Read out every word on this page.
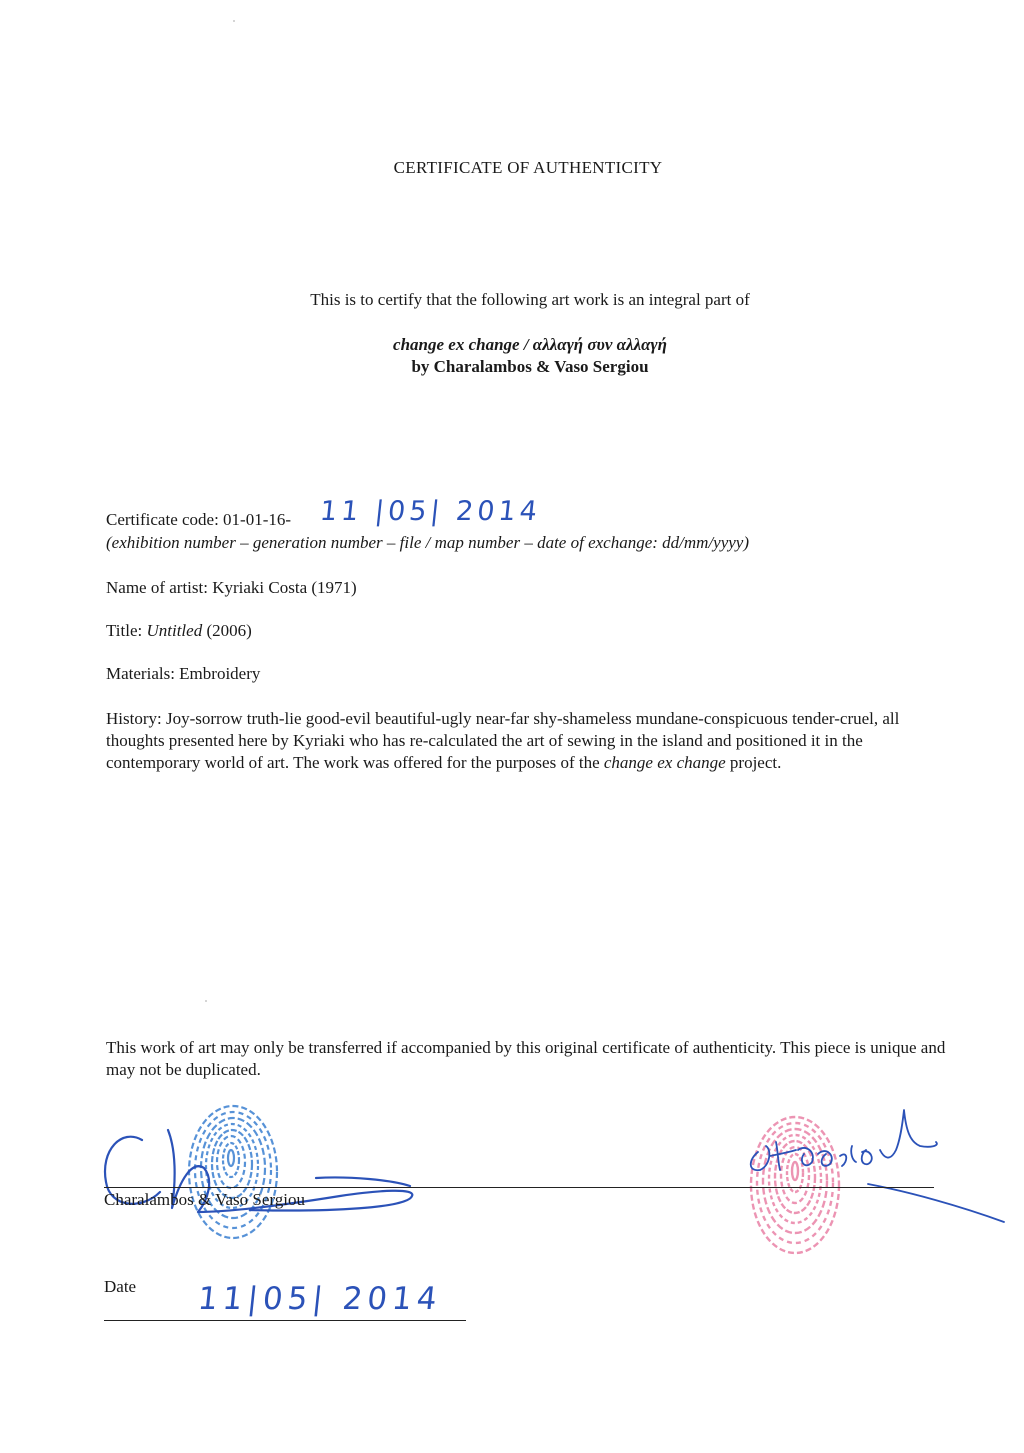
CERTIFICATE OF AUTHENTICITY
This is to certify that the following art work is an integral part of
change ex change / αλλαγή συν αλλαγή
by Charalambos & Vaso Sergiou
Certificate code: 01-01-16- 11 |05| 2014
(exhibition number – generation number – file / map number – date of exchange: dd/mm/yyyy)
Name of artist: Kyriaki Costa (1971)
Title: Untitled (2006)
Materials: Embroidery
History: Joy-sorrow truth-lie good-evil beautiful-ugly near-far shy-shameless mundane-conspicuous tender-cruel, all thoughts presented here by Kyriaki who has re-calculated the art of sewing in the island and positioned it in the contemporary world of art. The work was offered for the purposes of the change ex change project.
This work of art may only be transferred if accompanied by this original certificate of authenticity. This piece is unique and may not be duplicated.
Charalambos & Vaso Sergiou
Date 11|05| 2014
